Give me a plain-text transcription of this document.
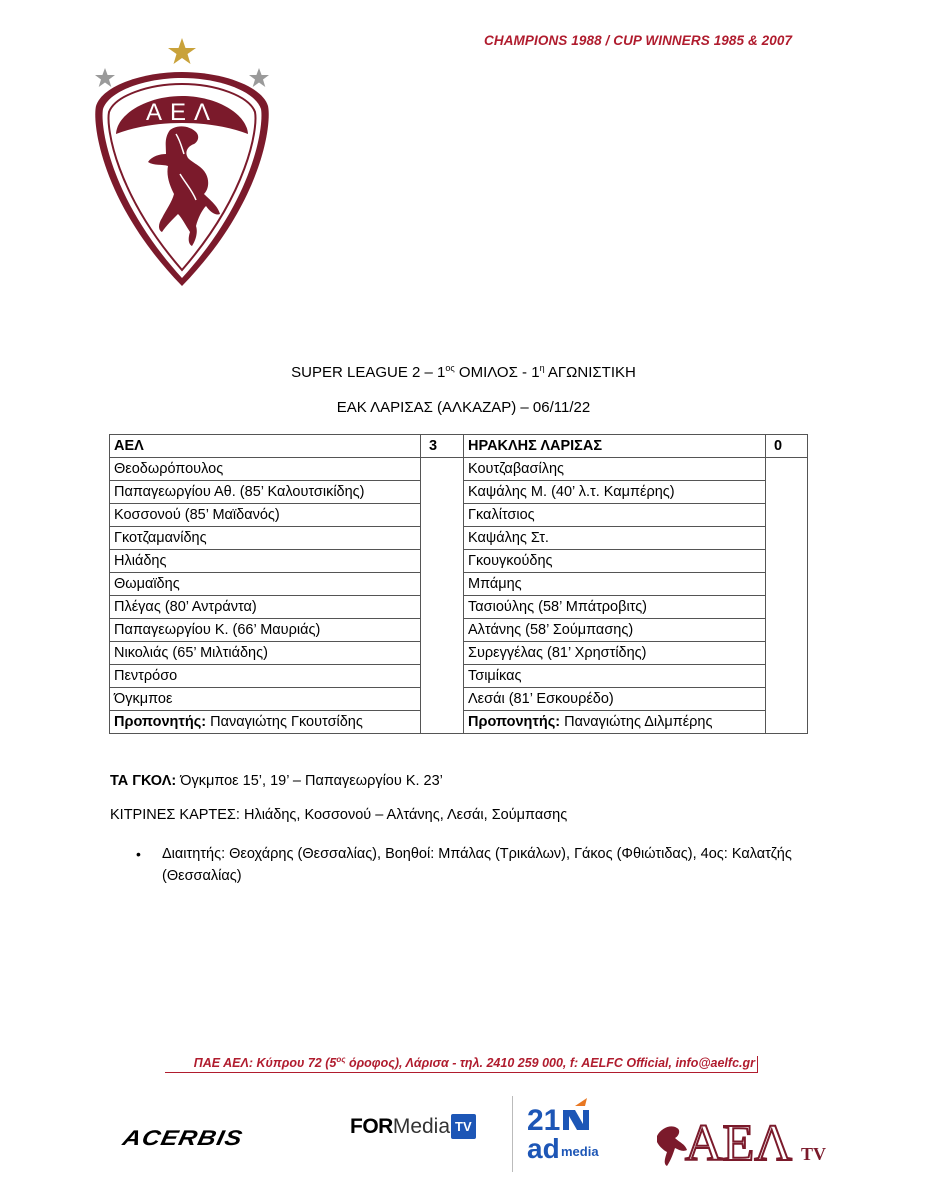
CHAMPIONS 1988 / CUP WINNERS 1985 & 2007
ΑΕΛ
SUPER LEAGUE $2 - 1^{o\varsigma}$ ΟΜΙΛΟΣ - $1^\eta$ ΑΓΩΝΙΣΤΙΚΗ
ΕΑΚ ΛΑΡΙΣΑΣ (ΑΛΚΑΖΑΡ) – 06/11/22
ΑΕΛ	3	ΗΡΑΚΛΗΣ ΛΑΡΙΣΑΣ	0
Θεοδωρόπουλος		Κουτζαβασίλης	
Παπαγεωργίου Αθ. (85’ Καλουτσικίδης)		Καψάλης Μ. (40’ λ.τ. Καμπέρης)	
Κοσσονού (85’ Μαϊδανός)		Γκαλίτσιος	
Γκοτζαμανίδης		Καψάλης Στ.	
Ηλιάδης		Γκουγκούδης	
Θωμαϊδης		Μπάμης	
Πλέγας (80’ Αντράντα)		Τασιούλης (58’ Μπάτροβιτς)	
Παπαγεωργίου Κ. (66’ Μαυριάς)		Αλτάνης (58’ Σούμπασης)	
Νικολιάς (65’ Μιλτιάδης)		Συρεγγέλας (81’ Χρηστίδης)	
Πεντρόσο		Τσιμίκας	
Όγκμποε		Λεσάι (81’ Εσκουρέδο)	
Προπονητής: Παναγιώτης Γκουτσίδης		Προπονητής: Παναγιώτης Διλμπέρης	
ΤΑ ΓΚΟΛ: Όγκμποε 15’, 19’ – Παπαγεωργίου Κ. 23’
ΚΙΤΡΙΝΕΣ ΚΑΡΤΕΣ: Ηλιάδης, Κοσσονού – Αλτάνης, Λεσάι, Σούμπασης
• Διαιτητής: Θεοχάρης (Θεσσαλίας), Βοηθοί: Μπάλας (Τρικάλων), Γάκος (Φθιώτιδας), 4ος: Καλατζής (Θεσσαλίας)
ΠΑΕ ΑΕΛ: Κύπρου 72 ($5^{o\varsigma}$ όροφος), Λάρισα - τηλ. 2410 259 000, f: AELFC Official, info@aelfc.gr
ACERBIS
FOR Media TV 21
ad media ΑΕΛ TV
